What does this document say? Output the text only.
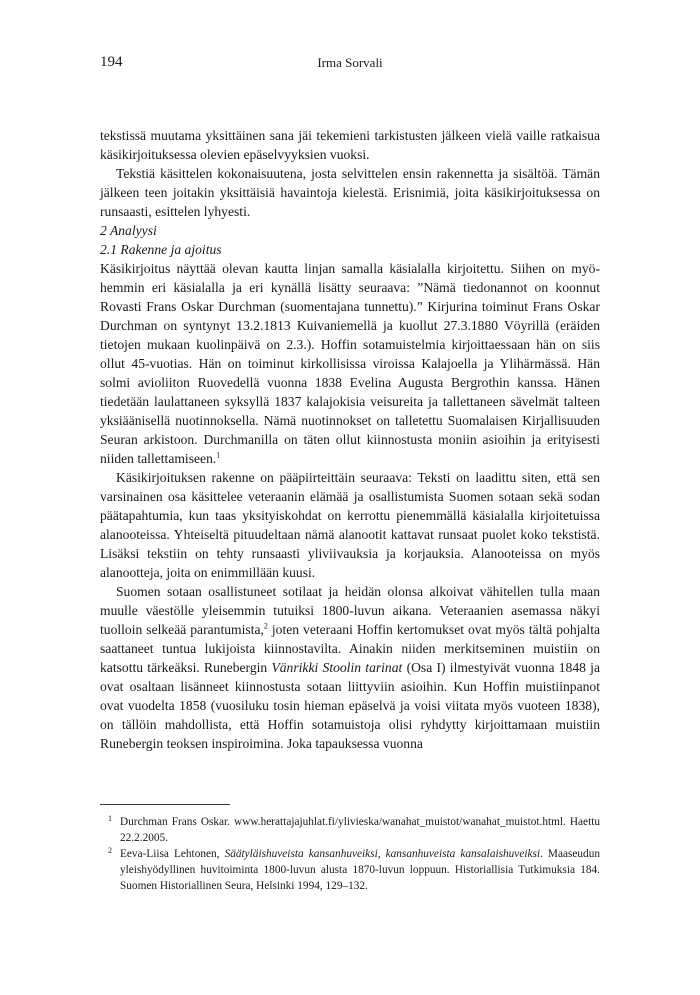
194	Irma Sorvali

tekstissä muutama yksittäinen sana jäi tekemieni tarkistusten jälkeen vielä vaille ratkaisua käsikirjoituksessa olevien epäselvyyksien vuoksi.

Tekstiä käsittelen kokonaisuutena, josta selvittelen ensin rakennetta ja sisältöä. Tämän jälkeen teen joitakin yksittäisiä havaintoja kielestä. Erisnimiä, joita käsikirjoituksessa on runsaasti, esittelen lyhyesti.

2 Analyysi

2.1 Rakenne ja ajoitus

Käsikirjoitus näyttää olevan kautta linjan samalla käsialalla kirjoitettu. Siihen on myöhemmin eri käsialalla ja eri kynällä lisätty seuraava: ”Nämä tiedonannot on koonnut Rovasti Frans Oskar Durchman (suomentajana tunnettu).” Kirjurina toiminut Frans Oskar Durchman on syntynyt 13.2.1813 Kuivaniemellä ja kuollut 27.3.1880 Vöyrillä (eräiden tietojen mukaan kuolinpäivä on 2.3.). Hoffin sotamuistelmia kirjoittaessaan hän on siis ollut 45-vuotias. Hän on toiminut kirkollisissa viroissa Kalajoella ja Ylihärmässä. Hän solmi avioliiton Ruovedellä vuonna 1838 Evelina Augusta Bergrothin kanssa. Hänen tiedetään laulattaneen syksyllä 1837 kalajokisia veisureita ja tallettaneen sävelmät talteen yksiäänisellä nuotinnoksella. Nämä nuotinnokset on talletettu Suomalaisen Kirjallisuuden Seuran arkistoon. Durchmanilla on täten ollut kiinnostusta moniin asioihin ja erityisesti niiden tallettamiseen.$^1$

Käsikirjoituksen rakenne on pääpiirteittäin seuraava: Teksti on laadittu siten, että sen varsinainen osa käsittelee veteraanin elämää ja osallistumista Suomen sotaan sekä sodan päätapahtumia, kun taas yksityiskohdat on kerrottu pienemmällä käsialalla kirjoitetuissa alanooteissa. Yhteiseltä pituudeltaan nämä alanootit kattavat runsaat puolet koko tekstistä. Lisäksi tekstiin on tehty runsaasti yliviivauksia ja korjauksia. Alanooteissa on myös alanootteja, joita on enimmillään kuusi.

Suomen sotaan osallistuneet sotilaat ja heidän olonsa alkoivat vähitellen tulla maan muulle väestölle yleisemmin tutuiksi 1800-luvun aikana. Veteraanien asemassa näkyi tuolloin selkeää parantumista,$^2$ joten veteraani Hoffin kertomukset ovat myös tältä pohjalta saattaneet tuntua lukijoista kiinnostavilta. Ainakin niiden merkitseminen muistiin on katsottu tärkeäksi. Runebergin Vänrikki Stoolin tarinat (Osa I) ilmestyivät vuonna 1848 ja ovat osaltaan lisänneet kiinnostusta sotaan liittyviin asioihin. Kun Hoffin muistiinpanot ovat vuodelta 1858 (vuosiluku tosin hieman epäselvä ja voisi viitata myös vuoteen 1838), on tällöin mahdollista, että Hoffin sotamuistoja olisi ryhdytty kirjoittamaan muistiin Runebergin teoksen inspiroimina. Joka tapauksessa vuonna

1 Durchman Frans Oskar. www.herattajajuhlat.fi/ylivieska/wanahat_muistot/wanahat_muistot.html. Haettu 22.2.2005.

2 Eeva-Liisa Lehtonen, Säätyläishuveista kansanhuveiksi, kansanhuveista kansalaishuveiksi. Maaseudun yleishyödyllinen huvitoiminta 1800-luvun alusta 1870-luvun loppuun. Historiallisia Tutkimuksia 184. Suomen Historiallinen Seura, Helsinki 1994, 129–132.
